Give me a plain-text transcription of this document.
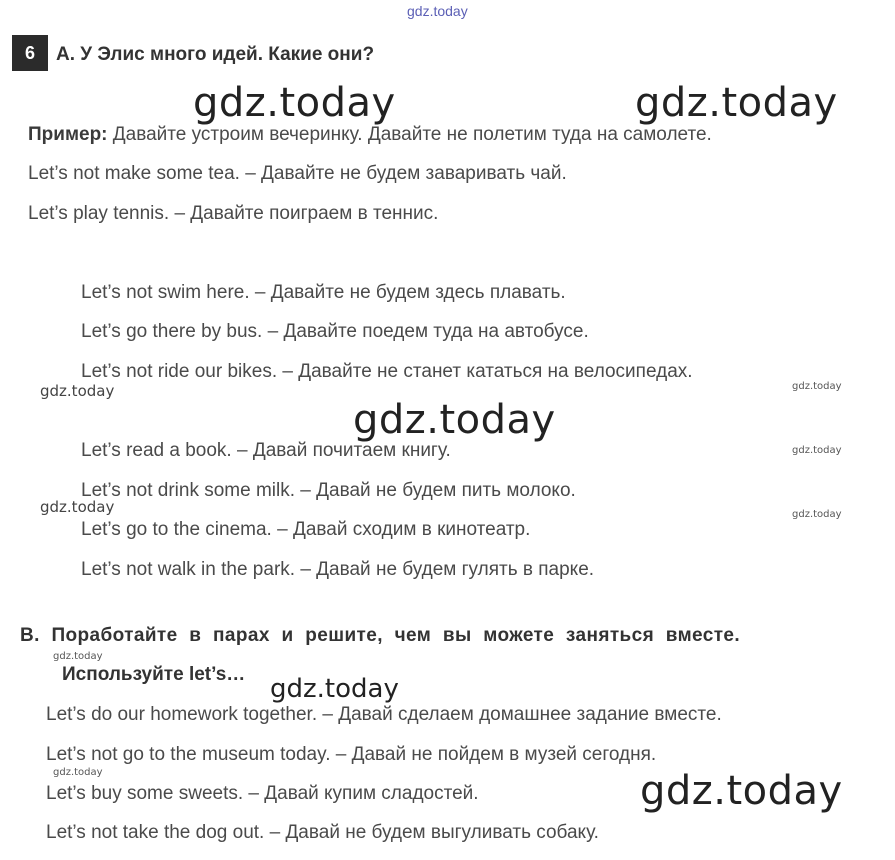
gdz.today
6	A. У Элис много идей. Какие они?
gdz.today	gdz.today
Пример: Давайте устроим вечеринку. Давайте не полетим туда на самолете.
Let’s not make some tea. – Давайте не будем заваривать чай.
Let’s play tennis. – Давайте поиграем в теннис.
Let’s not swim here. – Давайте не будем здесь плавать.
Let’s go there by bus. – Давайте поедем туда на автобусе.
Let’s not ride our bikes. – Давайте не станет кататься на велосипедах.
gdz.today	gdz.today
gdz.today
Let’s read a book. – Давай почитаем книгу.	gdz.today
Let’s not drink some milk. – Давай не будем пить молоко.
gdz.today	gdz.today
Let’s go to the cinema. – Давай сходим в кинотеатр.
Let’s not walk in the park. – Давай не будем гулять в парке.
B. Поработайте в парах и решите, чем вы можете заняться вместе.
gdz.today
Используйте let’s… gdz.today
Let’s do our homework together. – Давай сделаем домашнее задание вместе.
Let’s not go to the museum today. – Давай не пойдем в музей сегодня.
gdz.today	gdz.today
Let’s buy some sweets. – Давай купим сладостей.
Let’s not take the dog out. – Давай не будем выгуливать собаку.
